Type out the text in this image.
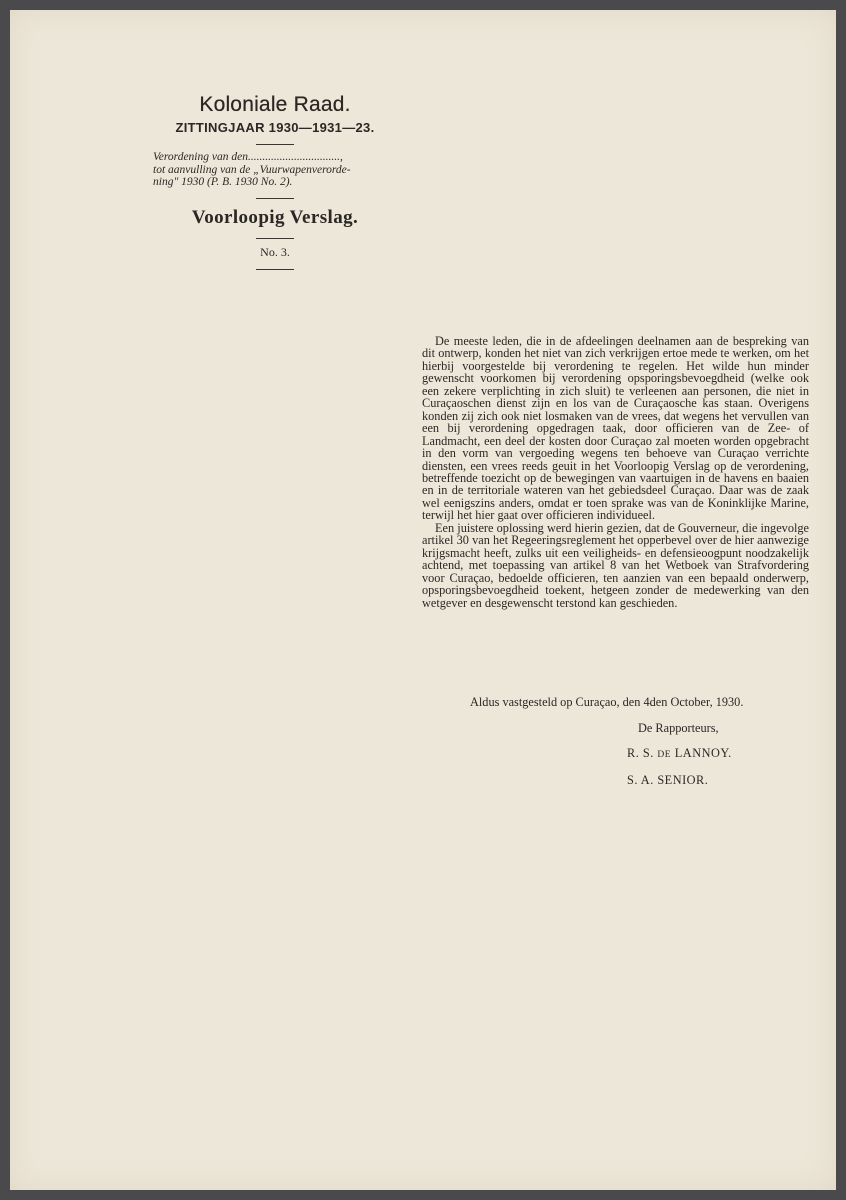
Koloniale Raad.
ZITTINGJAAR 1930—1931—23.
Verordening van den................................,
tot aanvulling van de „Vuurwapenverorde-
ning" 1930 (P. B. 1930 No. 2).
Voorloopig Verslag.
No. 3.

De meeste leden, die in de afdeelingen deelnamen aan de bespreking van dit ontwerp, konden het niet van zich verkrijgen ertoe mede te werken, om het hierbij voorgestelde bij verordening te regelen. Het wilde hun minder gewenscht voorkomen bij verordening opsporingsbevoegdheid (welke ook een zekere verplichting in zich sluit) te verleenen aan personen, die niet in Curaçaoschen dienst zijn en los van de Curaçaosche kas staan. Overigens konden zij zich ook niet losmaken van de vrees, dat wegens het vervullen van een bij verordening opgedragen taak, door officieren van de Zee- of Landmacht, een deel der kosten door Curaçao zal moeten worden opgebracht in den vorm van vergoeding wegens ten behoeve van Curaçao verrichte diensten, een vrees reeds geuit in het Voorloopig Verslag op de verordening, betreffende toezicht op de bewegingen van vaartuigen in de havens en baaien en in de territoriale wateren van het gebiedsdeel Curaçao. Daar was de zaak wel eenigszins anders, omdat er toen sprake was van de Koninklijke Marine, terwijl het hier gaat over officieren individueel.

Een juistere oplossing werd hierin gezien, dat de Gouverneur, die ingevolge artikel 30 van het Regeeringsreglement het opperbevel over de hier aanwezige krijgsmacht heeft, zulks uit een veiligheids- en defensieoogpunt noodzakelijk achtend, met toepassing van artikel 8 van het Wetboek van Strafvordering voor Curaçao, bedoelde officieren, ten aanzien van een bepaald onderwerp, opsporingsbevoegdheid toekent, hetgeen zonder de medewerking van den wetgever en desgewenscht terstond kan geschieden.

Aldus vastgesteld op Curaçao, den 4den October, 1930.
De Rapporteurs,
R. S. DE LANNOY.
S. A. SENIOR.
